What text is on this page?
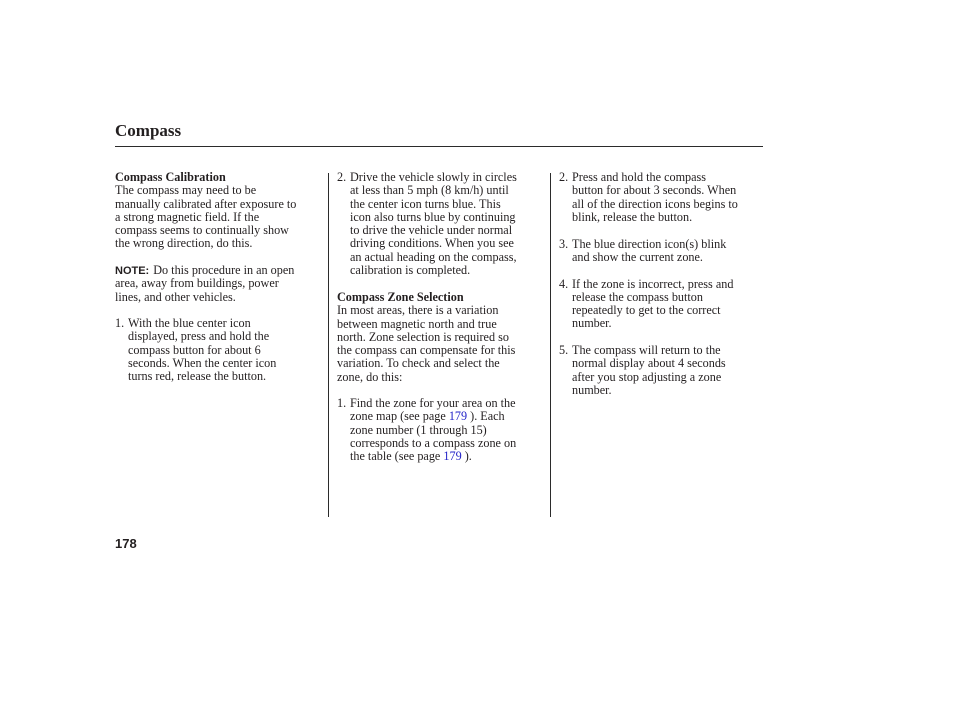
Compass
Compass Calibration
The compass may need to be
manually calibrated after exposure to
a strong magnetic field. If the
compass seems to continually show
the wrong direction, do this.
NOTE: Do this procedure in an open
area, away from buildings, power
lines, and other vehicles.
1. With the blue center icon
displayed, press and hold the
compass button for about 6
seconds. When the center icon
turns red, release the button.
2. Drive the vehicle slowly in circles
at less than 5 mph (8 km/h) until
the center icon turns blue. This
icon also turns blue by continuing
to drive the vehicle under normal
driving conditions. When you see
an actual heading on the compass,
calibration is completed.
Compass Zone Selection
In most areas, there is a variation
between magnetic north and true
north. Zone selection is required so
the compass can compensate for this
variation. To check and select the
zone, do this:
1. Find the zone for your area on the
zone map (see page 179 ). Each
zone number (1 through 15)
corresponds to a compass zone on
the table (see page 179 ).
2. Press and hold the compass
button for about 3 seconds. When
all of the direction icons begins to
blink, release the button.
3. The blue direction icon(s) blink
and show the current zone.
4. If the zone is incorrect, press and
release the compass button
repeatedly to get to the correct
number.
5. The compass will return to the
normal display about 4 seconds
after you stop adjusting a zone
number.
178
